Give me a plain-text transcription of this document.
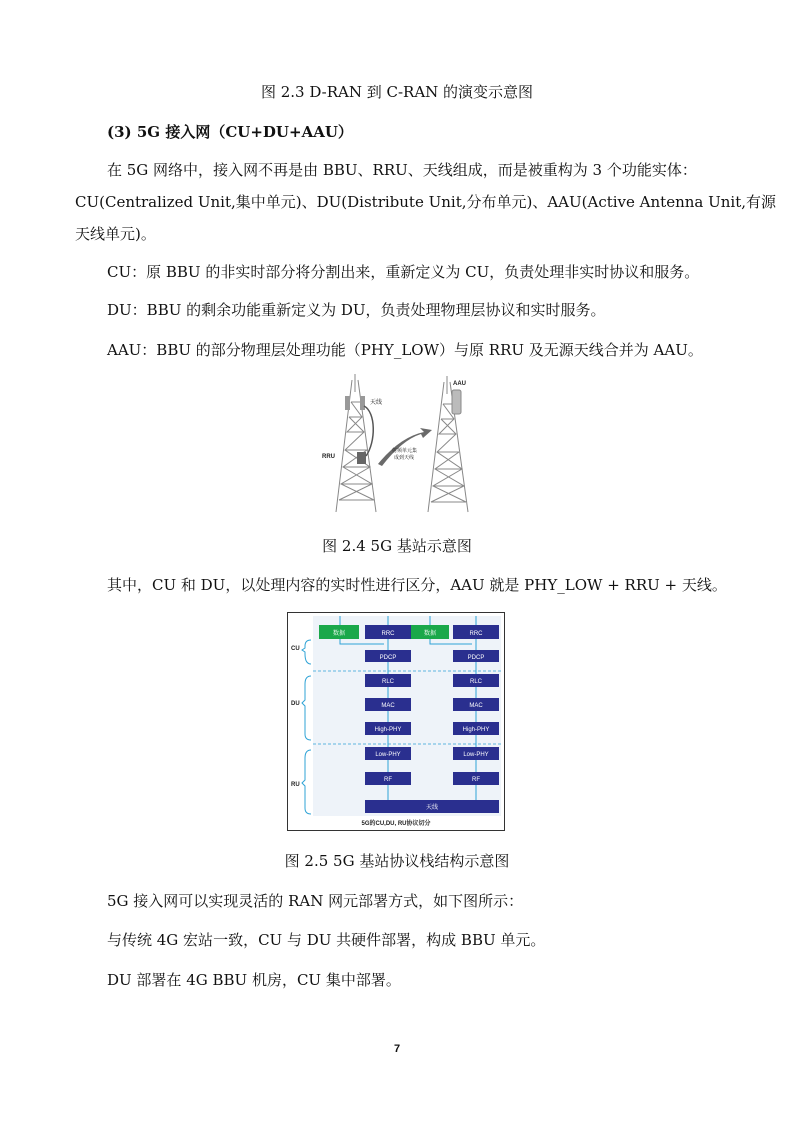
图 2.3 D-RAN 到 C-RAN 的演变示意图
(3) 5G 接入网（CU+DU+AAU）
在 5G 网络中，接入网不再是由 BBU、RRU、天线组成，而是被重构为 3 个功能实体：
CU(Centralized Unit,集中单元)、DU(Distribute Unit,分布单元)、AAU(Active Antenna Unit,有源
天线单元)。
CU：原 BBU 的非实时部分将分割出来，重新定义为 CU，负责处理非实时协议和服务。
DU：BBU 的剩余功能重新定义为 DU，负责处理物理层协议和实时服务。
AAU：BBU 的部分物理层处理功能（PHY_LOW）与原 RRU 及无源天线合并为 AAU。
天线
RRU
射频单元集
成到天线
AAU
图 2.4 5G 基站示意图
其中，CU 和 DU，以处理内容的实时性进行区分，AAU 就是 PHY_LOW + RRU + 天线。
CU
DU
RU
数据	RRC	数据	RRC
PDCP	PDCP
RLC	RLC
MAC	MAC
High-PHY	High-PHY
Low-PHY	Low-PHY
RF	RF
天线
5G的CU,DU, RU协议切分
图 2.5 5G 基站协议栈结构示意图
5G 接入网可以实现灵活的 RAN 网元部署方式，如下图所示：
与传统 4G 宏站一致，CU 与 DU 共硬件部署，构成 BBU 单元。
DU 部署在 4G BBU 机房，CU 集中部署。
7
